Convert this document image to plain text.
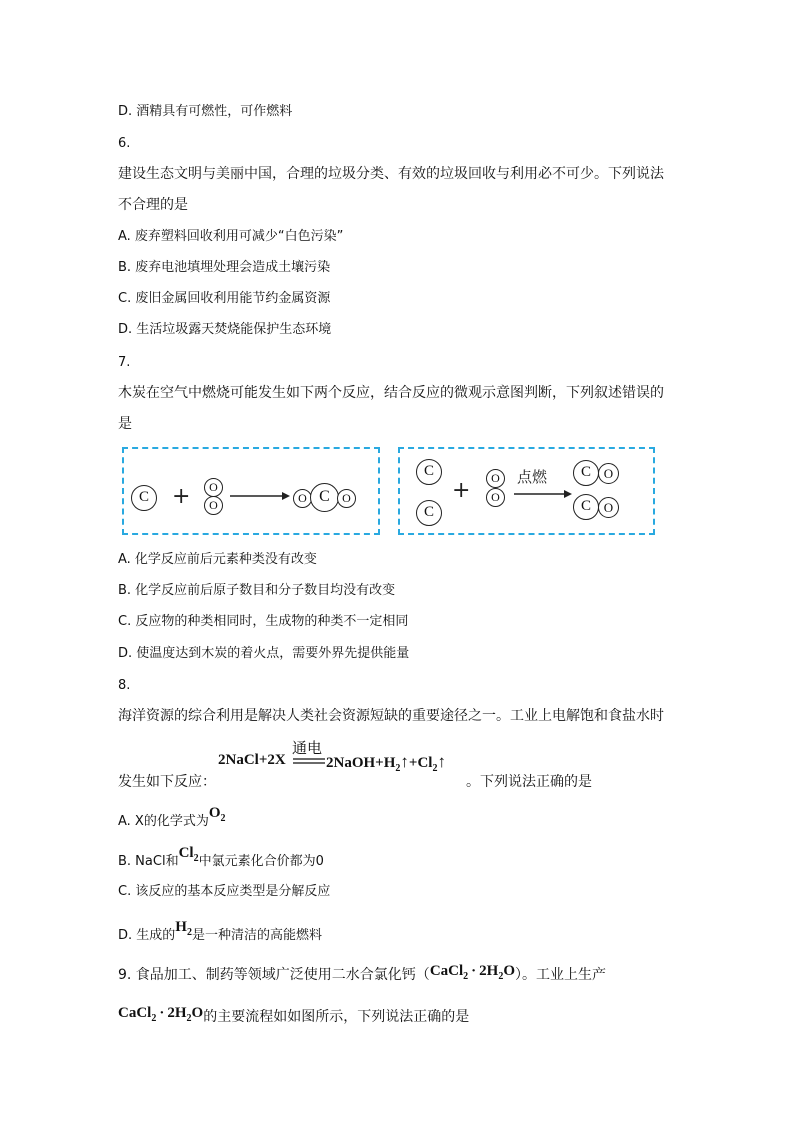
D. 酒精具有可燃性，可作燃料
6.
建设生态文明与美丽中国，合理的垃圾分类、有效的垃圾回收与利用必不可少。下列说法
不合理的是
A. 废弃塑料回收利用可减少“白色污染”
B. 废弃电池填埋处理会造成土壤污染
C. 废旧金属回收利用能节约金属资源
D. 生活垃圾露天焚烧能保护生态环境
7.
木炭在空气中燃烧可能发生如下两个反应，结合反应的微观示意图判断，下列叙述错误的
是
C	+	O
O → O C	O
C
C
+	O
O
点燃	C O
C O
A. 化学反应前后元素种类没有改变
B. 化学反应前后原子数目和分子数目均没有改变
C. 反应物的种类相同时，生成物的种类不一定相同
D. 使温度达到木炭的着火点，需要外界先提供能量
8.
海洋资源的综合利用是解决人类社会资源短缺的重要途径之一。工业上电解饱和食盐水时
通电
2NaCl+2X	$2NaOH+H_2↑+Cl_2↑$
发生如下反应：	。下列说法正确的是
A. X的化学式为$O_2$
B. NaCl和$Cl_2$中氯元素化合价都为0
C. 该反应的基本反应类型是分解反应
D. 生成的$H_2$是一种清洁的高能燃料
9. 食品加工、制药等领域广泛使用二水合氯化钙（CaCl$_2$ · $2H_2O$）。工业上生产
CaCl$_2$ · $2H_2O$的主要流程如如图所示，下列说法正确的是
